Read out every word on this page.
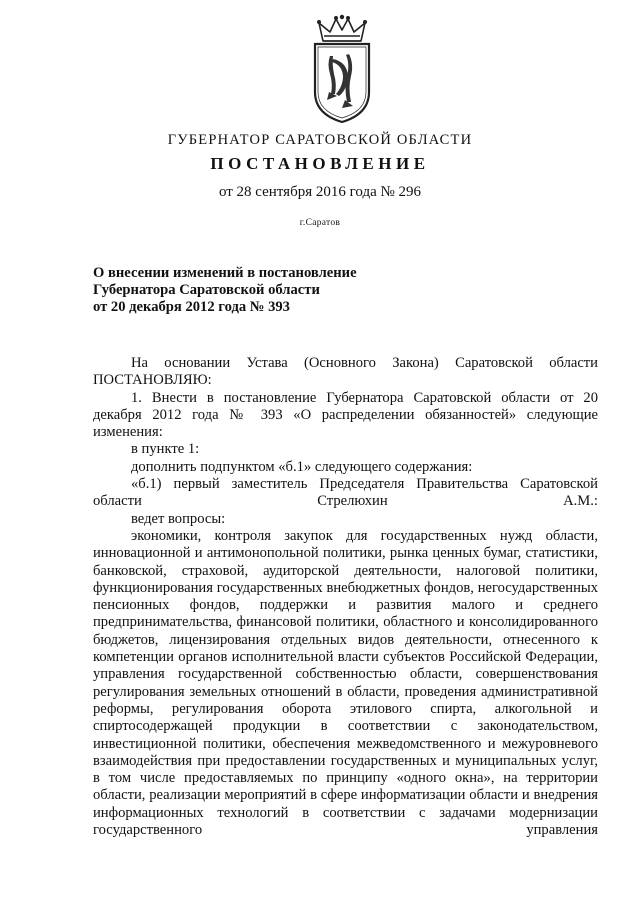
ГУБЕРНАТОР САРАТОВСКОЙ ОБЛАСТИ
ПОСТАНОВЛЕНИЕ
от 28 сентября 2016 года № 296
г.Саратов
О внесении изменений в постановление
Губернатора Саратовской области
от 20 декабря 2012 года № 393

На основании Устава (Основного Закона) Саратовской области

ПОСТАНОВЛЯЮ:

1. Внести в постановление Губернатора Саратовской области от 20 декабря 2012 года № 393 «О распределении обязанностей» следующие изменения:

в пункте 1:

дополнить подпунктом «б.1» следующего содержания:

«б.1) первый заместитель Председателя Правительства Саратовской области Стрелюхин А.М.:

ведет вопросы:

экономики, контроля закупок для государственных нужд области, инновационной и антимонопольной политики, рынка ценных бумаг, статистики, банковской, страховой, аудиторской деятельности, налоговой политики, функционирования государственных внебюджетных фондов, негосударственных пенсионных фондов, поддержки и развития малого и среднего предпринимательства, финансовой политики, областного и консолидированного бюджетов, лицензирования отдельных видов деятельности, отнесенного к компетенции органов исполнительной власти субъектов Российской Федерации, управления государственной собственностью области, совершенствования регулирования земельных отношений в области, проведения административной реформы, регулирования оборота этилового спирта, алкогольной и спиртосодержащей продукции в соответствии с законодательством, инвестиционной политики, обеспечения межведомственного и межуровневого взаимодействия при предоставлении государственных и муниципальных услуг, в том числе предоставляемых по принципу «одного окна», на территории области, реализации мероприятий в сфере информатизации области и внедрения информационных технологий в соответствии с задачами модернизации государственного управления
